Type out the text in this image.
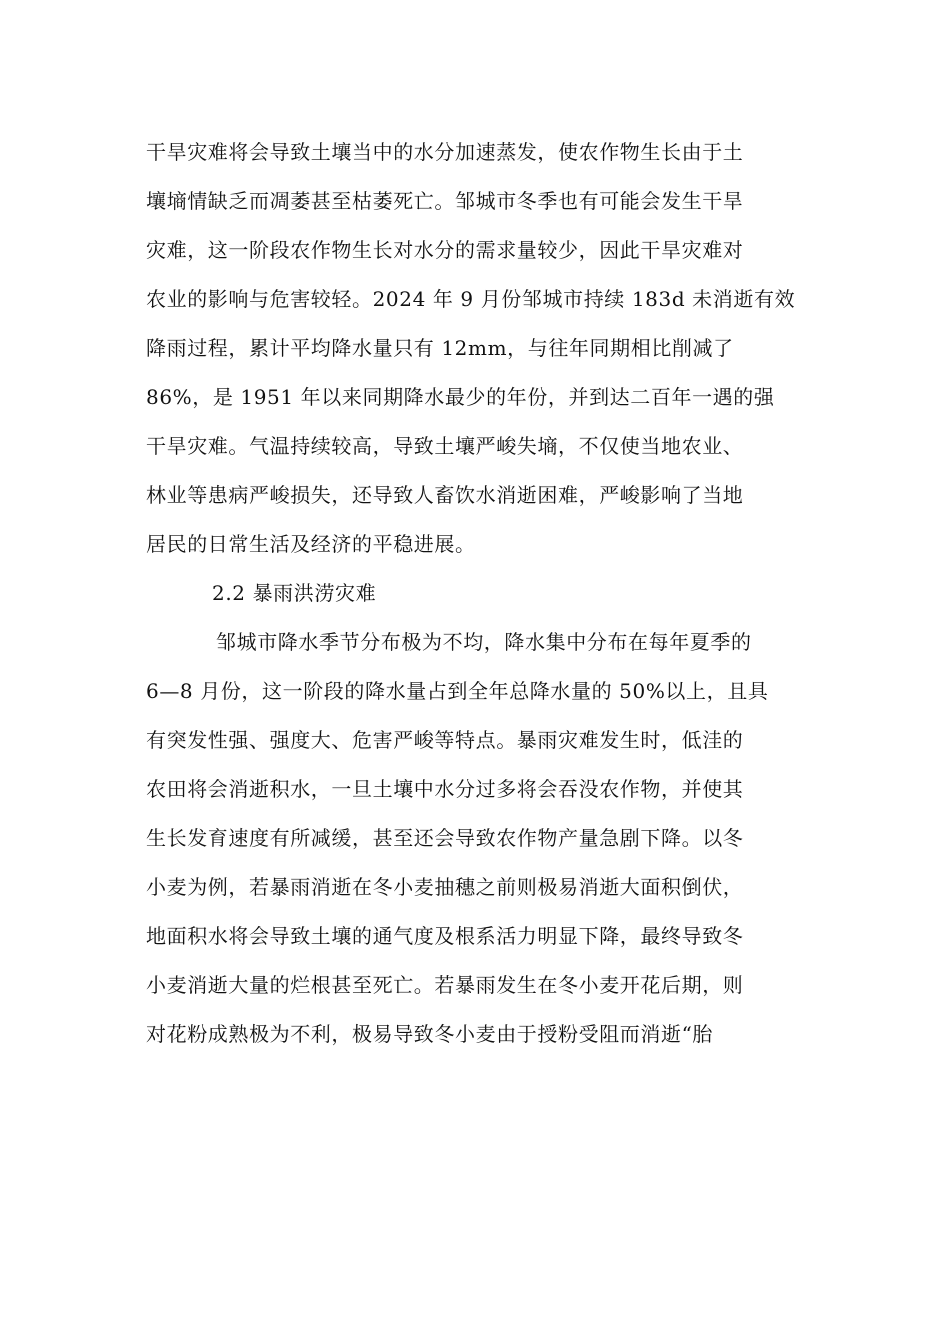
干旱灾难将会导致土壤当中的水分加速蒸发，使农作物生长由于土
壤墒情缺乏而凋萎甚至枯萎死亡。邹城市冬季也有可能会发生干旱
灾难，这一阶段农作物生长对水分的需求量较少，因此干旱灾难对
农业的影响与危害较轻。2024 年 9 月份邹城市持续 183d 未消逝有效
降雨过程，累计平均降水量只有 12mm，与往年同期相比削减了
86%，是 1951 年以来同期降水最少的年份，并到达二百年一遇的强
干旱灾难。气温持续较高，导致土壤严峻失墒，不仅使当地农业、
林业等患病严峻损失，还导致人畜饮水消逝困难，严峻影响了当地
居民的日常生活及经济的平稳进展。
2.2 暴雨洪涝灾难
邹城市降水季节分布极为不均，降水集中分布在每年夏季的
6—8 月份，这一阶段的降水量占到全年总降水量的 50%以上，且具
有突发性强、强度大、危害严峻等特点。暴雨灾难发生时，低洼的
农田将会消逝积水，一旦土壤中水分过多将会吞没农作物，并使其
生长发育速度有所减缓，甚至还会导致农作物产量急剧下降。以冬
小麦为例，若暴雨消逝在冬小麦抽穗之前则极易消逝大面积倒伏，
地面积水将会导致土壤的通气度及根系活力明显下降，最终导致冬
小麦消逝大量的烂根甚至死亡。若暴雨发生在冬小麦开花后期，则
对花粉成熟极为不利，极易导致冬小麦由于授粉受阻而消逝“胎
